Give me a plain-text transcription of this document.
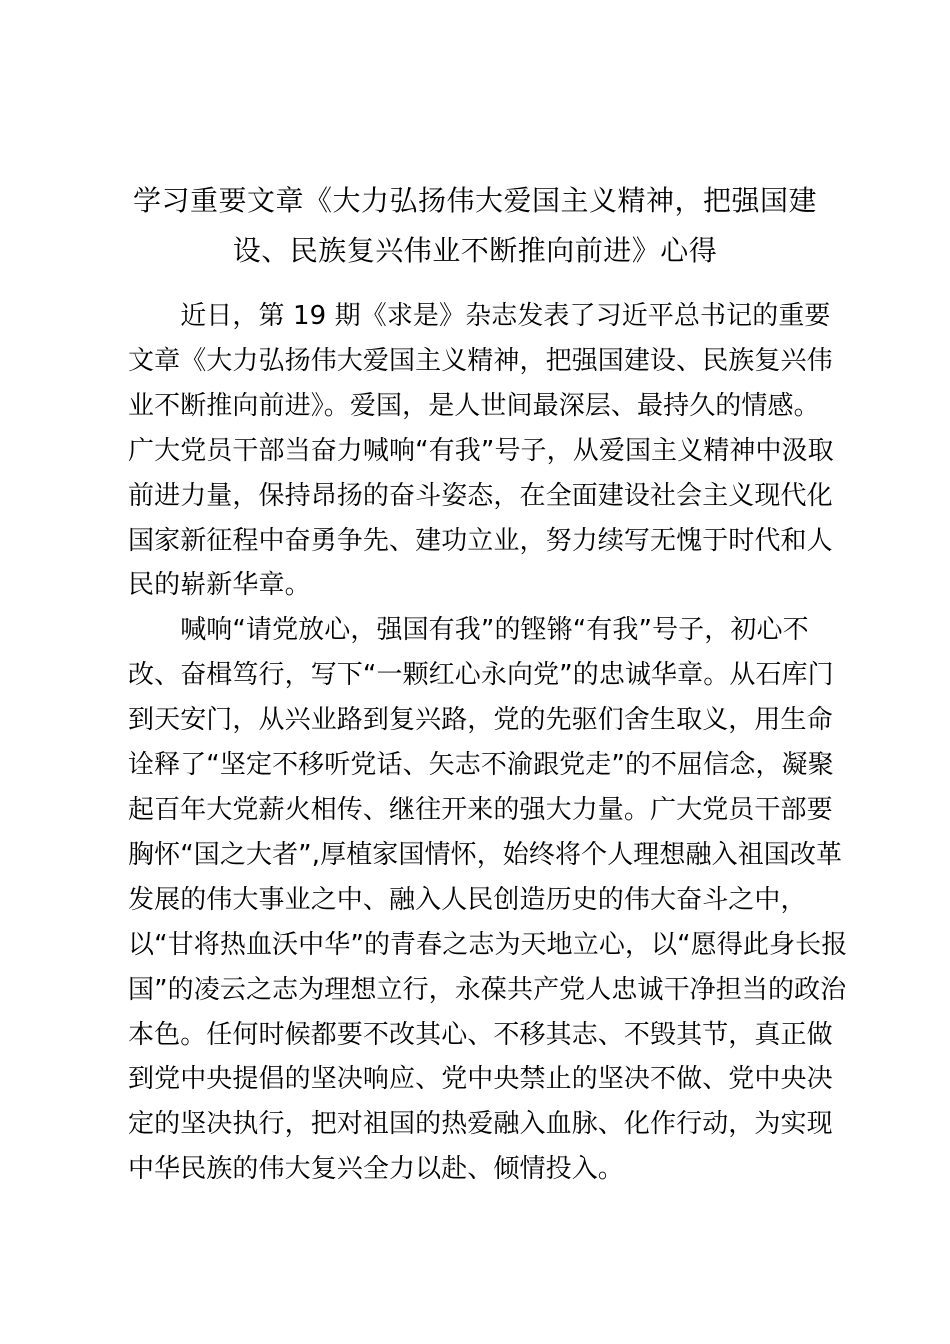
学习重要文章《大力弘扬伟大爱国主义精神，把强国建
设、民族复兴伟业不断推向前进》心得

　　近日，第 19 期《求是》杂志发表了习近平总书记的重要
文章《大力弘扬伟大爱国主义精神，把强国建设、民族复兴伟
业不断推向前进》。爱国，是人世间最深层、最持久的情感。
广大党员干部当奋力喊响“有我”号子，从爱国主义精神中汲取
前进力量，保持昂扬的奋斗姿态，在全面建设社会主义现代化
国家新征程中奋勇争先、建功立业，努力续写无愧于时代和人
民的崭新华章。

　　喊响“请党放心，强国有我”的铿锵“有我”号子，初心不
改、奋楫笃行，写下“一颗红心永向党”的忠诚华章。从石库门
到天安门，从兴业路到复兴路，党的先驱们舍生取义，用生命
诠释了“坚定不移听党话、矢志不渝跟党走”的不屈信念，凝聚
起百年大党薪火相传、继往开来的强大力量。广大党员干部要
胸怀“国之大者”,厚植家国情怀，始终将个人理想融入祖国改革
发展的伟大事业之中、融入人民创造历史的伟大奋斗之中，
以“甘将热血沃中华”的青春之志为天地立心，以“愿得此身长报
国”的凌云之志为理想立行，永葆共产党人忠诚干净担当的政治
本色。任何时候都要不改其心、不移其志、不毁其节，真正做
到党中央提倡的坚决响应、党中央禁止的坚决不做、党中央决
定的坚决执行，把对祖国的热爱融入血脉、化作行动，为实现
中华民族的伟大复兴全力以赴、倾情投入。
